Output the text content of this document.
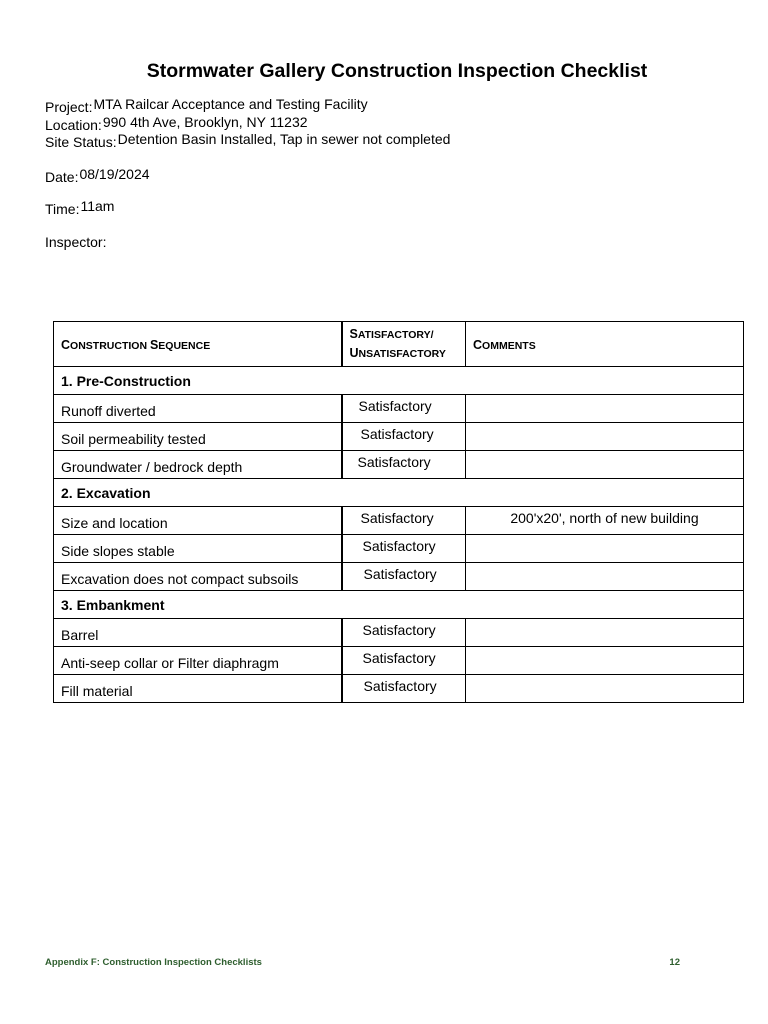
Stormwater Gallery Construction Inspection Checklist
Project:MTA Railcar Acceptance and Testing Facility
Location:990 4th Ave, Brooklyn, NY 11232
Site Status:Detention Basin Installed, Tap in sewer not completed
Date:08/19/2024
Time:11am
Inspector:
CONSTRUCTION SEQUENCE	SATISFACTORY/
UNSATISFACTORY	COMMENTS
1. Pre-Construction		
Runoff diverted	Satisfactory	
Soil permeability tested	Satisfactory	
Groundwater / bedrock depth	Satisfactory	
2. Excavation		
Size and location	Satisfactory	200'x20', north of new building
Side slopes stable	Satisfactory	
Excavation does not compact subsoils	Satisfactory	
3. Embankment		
Barrel	Satisfactory	
Anti-seep collar or Filter diaphragm	Satisfactory	
Fill material	Satisfactory	
Appendix F: Construction Inspection Checklists	12
